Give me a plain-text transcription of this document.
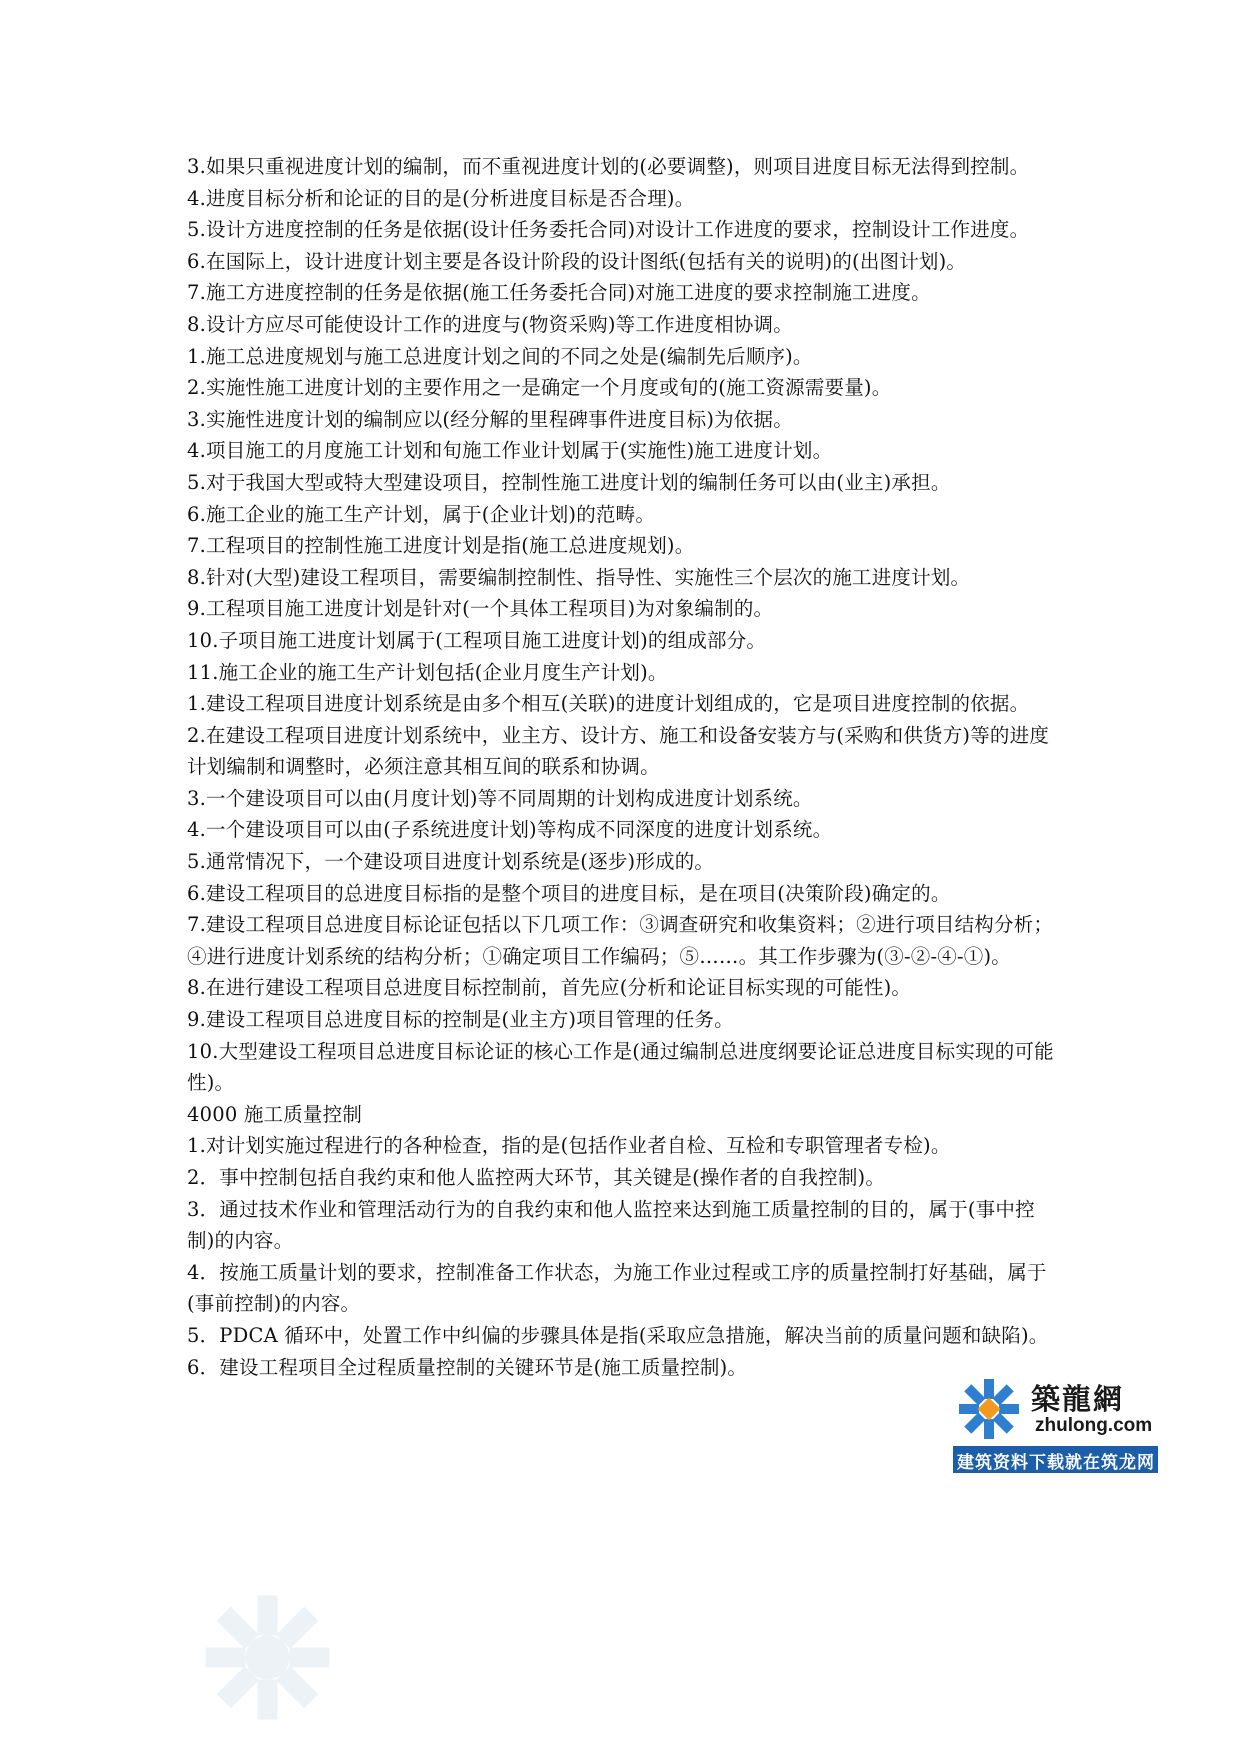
3.如果只重视进度计划的编制，而不重视进度计划的(必要调整)，则项目进度目标无法得到控制。

4.进度目标分析和论证的目的是(分析进度目标是否合理)。

5.设计方进度控制的任务是依据(设计任务委托合同)对设计工作进度的要求，控制设计工作进度。

6.在国际上，设计进度计划主要是各设计阶段的设计图纸(包括有关的说明)的(出图计划)。

7.施工方进度控制的任务是依据(施工任务委托合同)对施工进度的要求控制施工进度。

8.设计方应尽可能使设计工作的进度与(物资采购)等工作进度相协调。

1.施工总进度规划与施工总进度计划之间的不同之处是(编制先后顺序)。

2.实施性施工进度计划的主要作用之一是确定一个月度或旬的(施工资源需要量)。

3.实施性进度计划的编制应以(经分解的里程碑事件进度目标)为依据。

4.项目施工的月度施工计划和旬施工作业计划属于(实施性)施工进度计划。

5.对于我国大型或特大型建设项目，控制性施工进度计划的编制任务可以由(业主)承担。

6.施工企业的施工生产计划，属于(企业计划)的范畴。

7.工程项目的控制性施工进度计划是指(施工总进度规划)。

8.针对(大型)建设工程项目，需要编制控制性、指导性、实施性三个层次的施工进度计划。

9.工程项目施工进度计划是针对(一个具体工程项目)为对象编制的。

10.子项目施工进度计划属于(工程项目施工进度计划)的组成部分。

11.施工企业的施工生产计划包括(企业月度生产计划)。

1.建设工程项目进度计划系统是由多个相互(关联)的进度计划组成的，它是项目进度控制的依据。

2.在建设工程项目进度计划系统中，业主方、设计方、施工和设备安装方与(采购和供货方)等的进度计划编制和调整时，必须注意其相互间的联系和协调。

3.一个建设项目可以由(月度计划)等不同周期的计划构成进度计划系统。

4.一个建设项目可以由(子系统进度计划)等构成不同深度的进度计划系统。

5.通常情况下，一个建设项目进度计划系统是(逐步)形成的。

6.建设工程项目的总进度目标指的是整个项目的进度目标，是在项目(决策阶段)确定的。

7.建设工程项目总进度目标论证包括以下几项工作：③调查研究和收集资料；②进行项目结构分析；④进行进度计划系统的结构分析；①确定项目工作编码；⑤……。其工作步骤为(③-②-④-①)。

8.在进行建设工程项目总进度目标控制前，首先应(分析和论证目标实现的可能性)。

9.建设工程项目总进度目标的控制是(业主方)项目管理的任务。

10.大型建设工程项目总进度目标论证的核心工作是(通过编制总进度纲要论证总进度目标实现的可能性)。

4000 施工质量控制

1.对计划实施过程进行的各种检查，指的是(包括作业者自检、互检和专职管理者专检)。

2．事中控制包括自我约束和他人监控两大环节，其关键是(操作者的自我控制)。

3．通过技术作业和管理活动行为的自我约束和他人监控来达到施工质量控制的目的，属于(事中控制)的内容。

4．按施工质量计划的要求，控制准备工作状态，为施工作业过程或工序的质量控制打好基础，属于(事前控制)的内容。

5．PDCA 循环中，处置工作中纠偏的步骤具体是指(采取应急措施，解决当前的质量问题和缺陷)。

6．建设工程项目全过程质量控制的关键环节是(施工质量控制)。

築龍網
zhulong.com
建筑资料下载就在筑龙网
